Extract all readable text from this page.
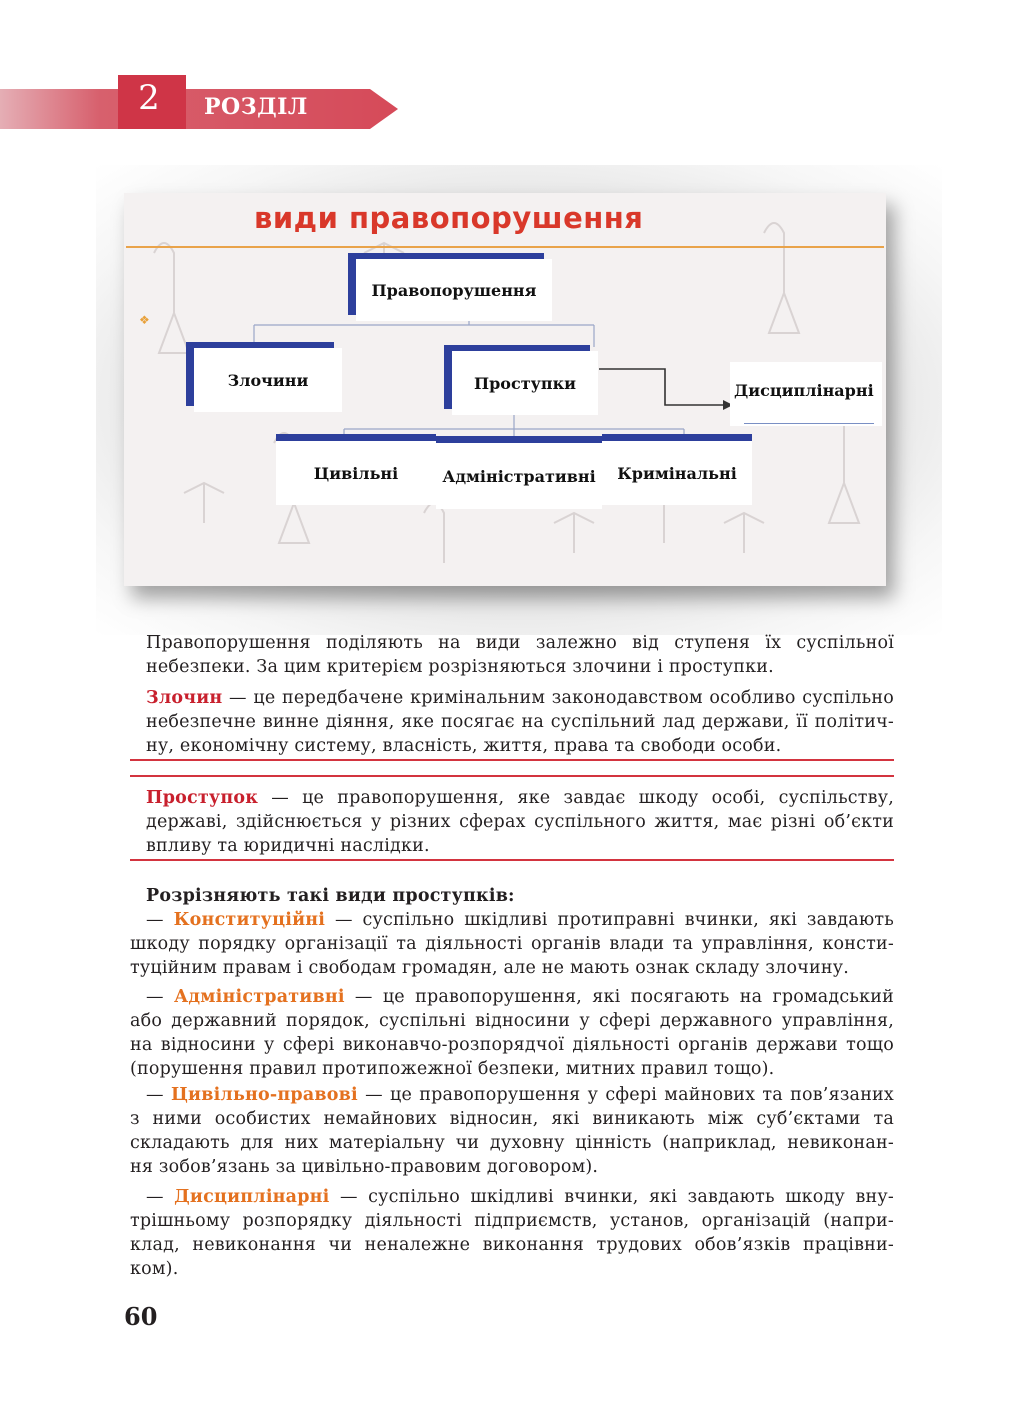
2	РОЗДІЛ
види правопорушення
❖
Правопорушення
Злочини	Проступки
Цивільні	Адміністративні	Кримінальні
Дисциплінарні
Правопорушення поділяють на види залежно від ступеня їх суспільної
небезпеки. За цим критерієм розрізняються злочини і проступки.
Злочин — це передбачене кримінальним законодавством особливо суспільно
небезпечне винне діяння, яке посягає на суспільний лад держави, її політич-
ну, економічну систему, власність, життя, права та свободи особи.
Проступок — це правопорушення, яке завдає шкоду особі, суспільству,
державі, здійснюється у різних сферах суспільного життя, має різні об’єкти
впливу та юридичні наслідки.
Розрізняють такі види проступків:
— Конституційні — суспільно шкідливі протиправні вчинки, які завдають
шкоду порядку організації та діяльності органів влади та управління, консти-
туційним правам і свободам громадян, але не мають ознак складу злочину.
— Адміністративні — це правопорушення, які посягають на громадський
або державний порядок, суспільні відносини у сфері державного управління,
на відносини у сфері виконавчо-розпорядчої діяльності органів держави тощо
(порушення правил протипожежної безпеки, митних правил тощо).
— Цивільно-правові — це правопорушення у сфері майнових та пов’язаних
з ними особистих немайнових відносин, які виникають між суб’єктами та
складають для них матеріальну чи духовну цінність (наприклад, невиконан-
ня зобов’язань за цивільно-правовим договором).
— Дисциплінарні — суспільно шкідливі вчинки, які завдають шкоду вну-
трішньому розпорядку діяльності підприємств, установ, організацій (напри-
клад, невиконання чи неналежне виконання трудових обов’язків працівни-
ком).
60
